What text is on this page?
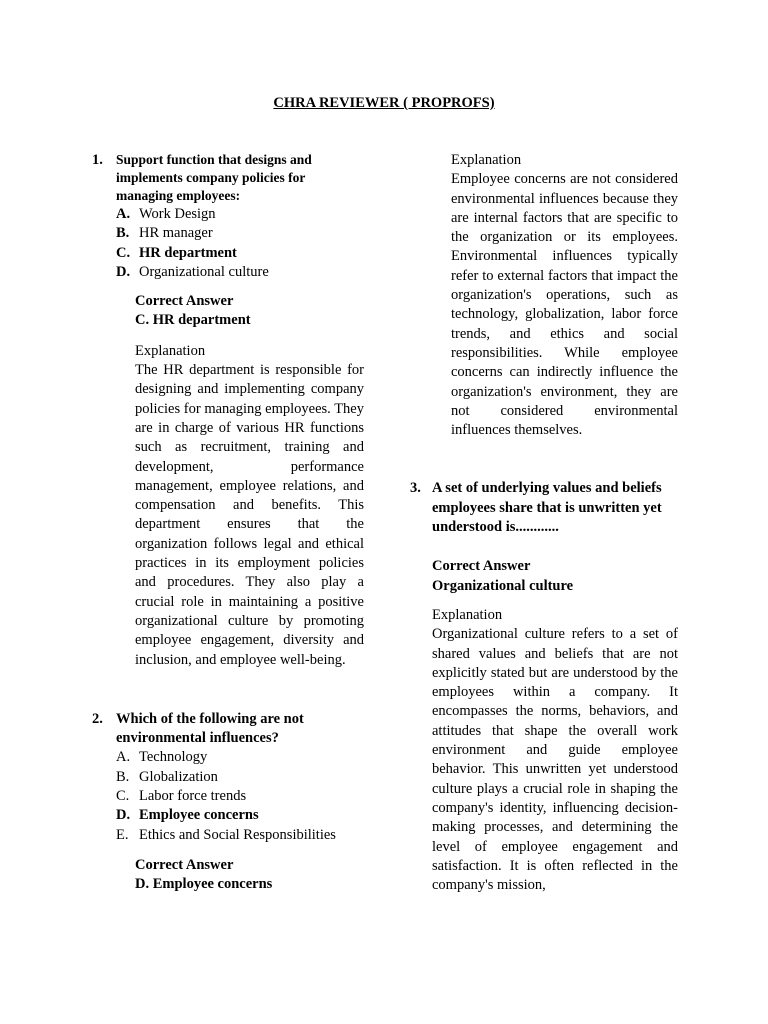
CHRA REVIEWER ( PROPROFS)
1. Support function that designs and implements company policies for managing employees:
A. Work Design
B. HR manager
C. HR department
D. Organizational culture
Correct Answer
C. HR department
Explanation
The HR department is responsible for designing and implementing company policies for managing employees. They are in charge of various HR functions such as recruitment, training and development, performance management, employee relations, and compensation and benefits. This department ensures that the organization follows legal and ethical practices in its employment policies and procedures. They also play a crucial role in maintaining a positive organizational culture by promoting employee engagement, diversity and inclusion, and employee well-being.
2. Which of the following are not environmental influences?
A. Technology
B. Globalization
C. Labor force trends
D. Employee concerns
E. Ethics and Social Responsibilities
Correct Answer
D. Employee concerns
Explanation
Employee concerns are not considered environmental influences because they are internal factors that are specific to the organization or its employees. Environmental influences typically refer to external factors that impact the organization's operations, such as technology, globalization, labor force trends, and ethics and social responsibilities. While employee concerns can indirectly influence the organization's environment, they are not considered environmental influences themselves.
3. A set of underlying values and beliefs employees share that is unwritten yet understood is............
Correct Answer
Organizational culture
Explanation
Organizational culture refers to a set of shared values and beliefs that are not explicitly stated but are understood by the employees within a company. It encompasses the norms, behaviors, and attitudes that shape the overall work environment and guide employee behavior. This unwritten yet understood culture plays a crucial role in shaping the company's identity, influencing decision-making processes, and determining the level of employee engagement and satisfaction. It is often reflected in the company's mission,
